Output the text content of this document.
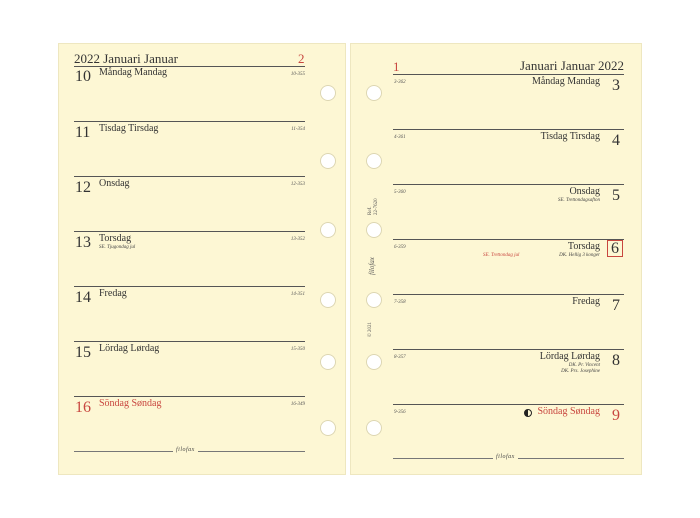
2022 Januari Januar	2
10 Måndag Mandag	10-355
11 Tisdag Tirsdag	11-354
12 Onsdag	12-353
13 Torsdag	13-352
SE. Tjugondag jul
14 Fredag	14-351
15 Lördag Lørdag	15-350
16 Söndag Søndag	16-349
filofax
1	Januari Januar 2022
3-362	3
Måndag Mandag
4-361	4
Tisdag Tirsdag
5-360	5
Onsdag
SE. Trettondagsafton
6-359	6
Torsdag
DK. Hellig 3 konger
SE. Trettondag jul
7-358	7
Fredag
8-357	8
Lördag Lørdag
DK. Pr. Vincent
DK. Prs. Josephine
9-356	9
Söndag Søndag
filofax
Ref.
22-7620
filofax
© 2021
